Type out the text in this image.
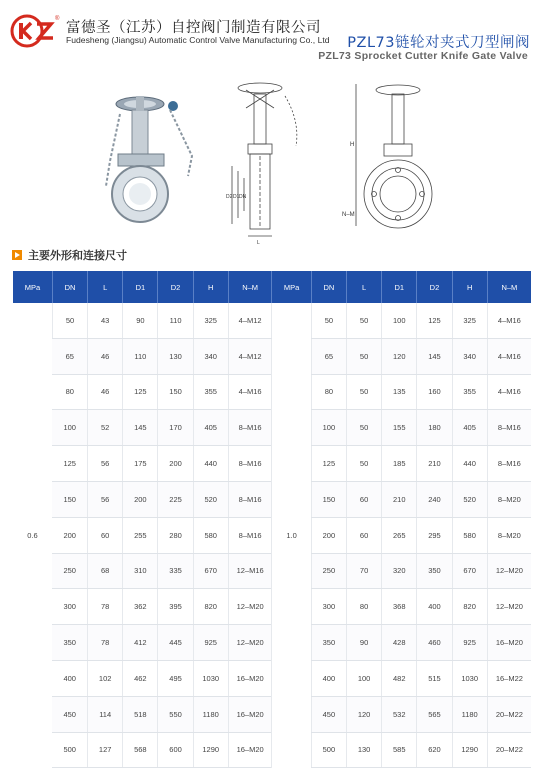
®
富德圣（江苏）自控阀门制造有限公司
Fudesheng (Jiangsu) Automatic Control Valve Manufacturing Co., Ltd PZL73链轮对夹式刀型闸阀
PZL73 Sprocket Cutter Knife Gate Valve
D2 D1 DN
L
H
N–M
主要外形和连接尺寸
MPa	DN	L	D1	D2	H	N–M	MPa	DN	L	D1	D2	H	N–M
0.6	50	43	90	110	325	4–M12	1.0	50	50	100	125	325	4–M16
	65	46	110	130	340	4–M12		65	50	120	145	340	4–M16
	80	46	125	150	355	4–M16		80	50	135	160	355	4–M16
	100	52	145	170	405	8–M16		100	50	155	180	405	8–M16
	125	56	175	200	440	8–M16		125	50	185	210	440	8–M16
	150	56	200	225	520	8–M16		150	60	210	240	520	8–M20
	200	60	255	280	580	8–M16		200	60	265	295	580	8–M20
	250	68	310	335	670	12–M16		250	70	320	350	670	12–M20
	300	78	362	395	820	12–M20		300	80	368	400	820	12–M20
	350	78	412	445	925	12–M20		350	90	428	460	925	16–M20
	400	102	462	495	1030	16–M20		400	100	482	515	1030	16–M22
	450	114	518	550	1180	16–M20		450	120	532	565	1180	20–M22
	500	127	568	600	1290	16–M20		500	130	585	620	1290	20–M22
